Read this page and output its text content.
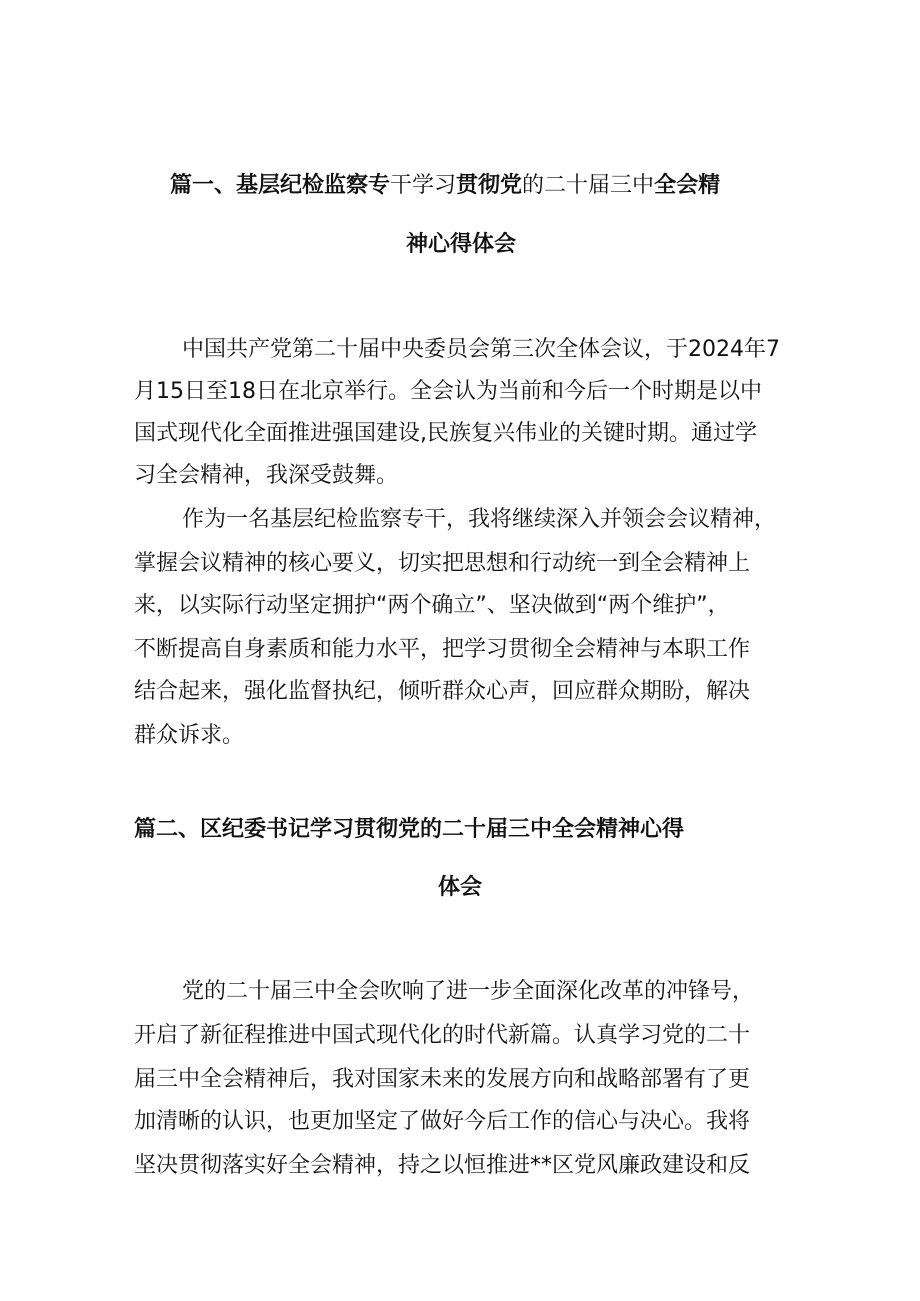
篇一、基层纪检监察专干学习贯彻党的二十届三中全会精
神心得体会
中国共产党第二十届中央委员会第三次全体会议，于2024年7
月15日至18日在北京举行。全会认为当前和今后一个时期是以中
国式现代化全面推进强国建设,民族复兴伟业的关键时期。通过学
习全会精神，我深受鼓舞。
作为一名基层纪检监察专干，我将继续深入并领会会议精神，
掌握会议精神的核心要义，切实把思想和行动统一到全会精神上
来，以实际行动坚定拥护“两个确立”、坚决做到“两个维护”，
不断提高自身素质和能力水平，把学习贯彻全会精神与本职工作
结合起来，强化监督执纪，倾听群众心声，回应群众期盼，解决
群众诉求。
篇二、区纪委书记学习贯彻党的二十届三中全会精神心得
体会
党的二十届三中全会吹响了进一步全面深化改革的冲锋号，
开启了新征程推进中国式现代化的时代新篇。认真学习党的二十
届三中全会精神后，我对国家未来的发展方向和战略部署有了更
加清晰的认识，也更加坚定了做好今后工作的信心与决心。我将
坚决贯彻落实好全会精神，持之以恒推进**区党风廉政建设和反
